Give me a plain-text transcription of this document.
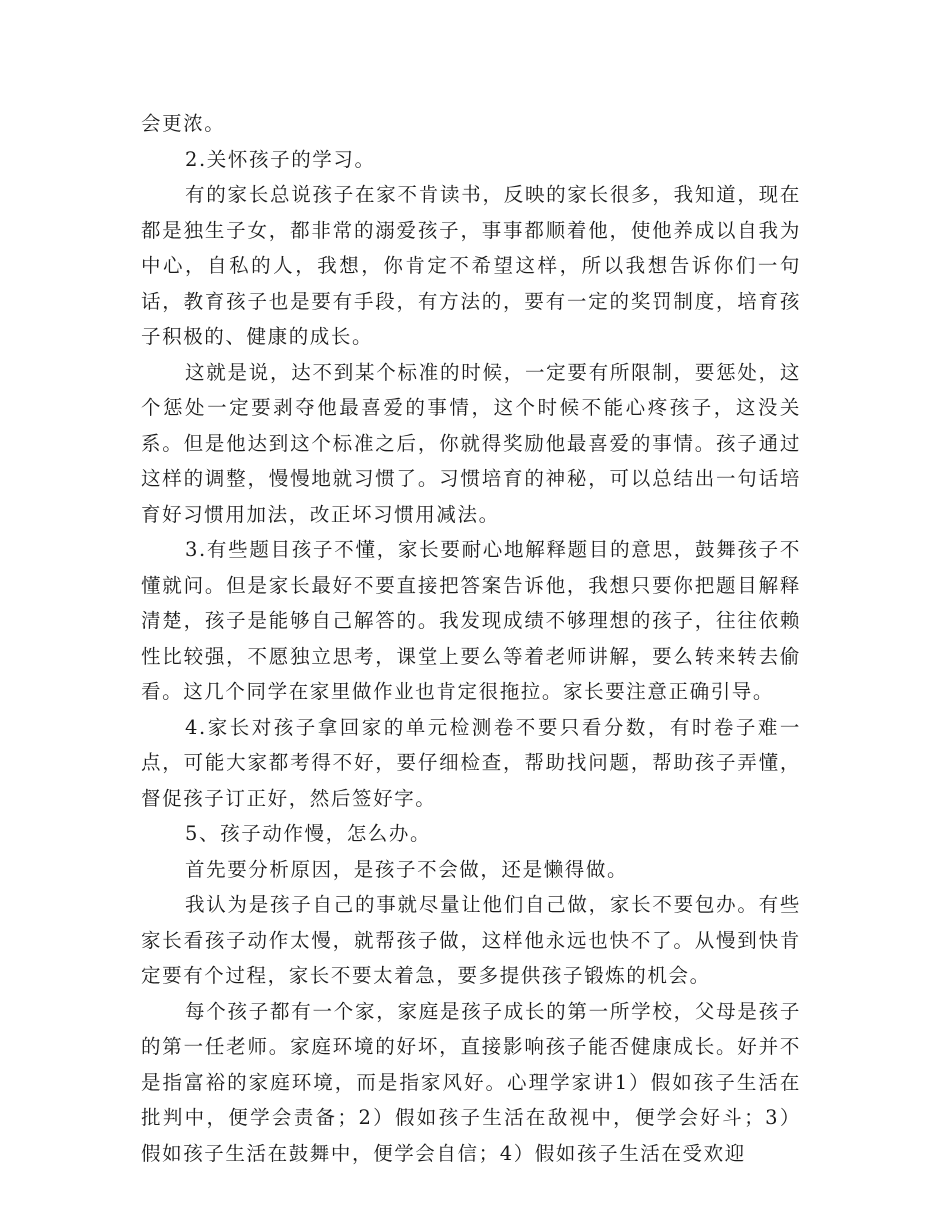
会更浓。

2.关怀孩子的学习。

有的家长总说孩子在家不肯读书，反映的家长很多，我知道，现在都是独生子女，都非常的溺爱孩子，事事都顺着他，使他养成以自我为中心，自私的人，我想，你肯定不希望这样，所以我想告诉你们一句话，教育孩子也是要有手段，有方法的，要有一定的奖罚制度，培育孩子积极的、健康的成长。

这就是说，达不到某个标准的时候，一定要有所限制，要惩处，这个惩处一定要剥夺他最喜爱的事情，这个时候不能心疼孩子，这没关系。但是他达到这个标准之后，你就得奖励他最喜爱的事情。孩子通过这样的调整，慢慢地就习惯了。习惯培育的神秘，可以总结出一句话培育好习惯用加法，改正坏习惯用减法。

3.有些题目孩子不懂，家长要耐心地解释题目的意思，鼓舞孩子不懂就问。但是家长最好不要直接把答案告诉他，我想只要你把题目解释清楚，孩子是能够自己解答的。我发现成绩不够理想的孩子，往往依赖性比较强，不愿独立思考，课堂上要么等着老师讲解，要么转来转去偷看。这几个同学在家里做作业也肯定很拖拉。家长要注意正确引导。

4.家长对孩子拿回家的单元检测卷不要只看分数，有时卷子难一点，可能大家都考得不好，要仔细检查，帮助找问题，帮助孩子弄懂，督促孩子订正好，然后签好字。

5、孩子动作慢，怎么办。

首先要分析原因，是孩子不会做，还是懒得做。

我认为是孩子自己的事就尽量让他们自己做，家长不要包办。有些家长看孩子动作太慢，就帮孩子做，这样他永远也快不了。从慢到快肯定要有个过程，家长不要太着急，要多提供孩子锻炼的机会。

每个孩子都有一个家，家庭是孩子成长的第一所学校，父母是孩子的第一任老师。家庭环境的好坏，直接影响孩子能否健康成长。好并不是指富裕的家庭环境，而是指家风好。心理学家讲1）假如孩子生活在批判中，便学会责备；2）假如孩子生活在敌视中，便学会好斗；3）假如孩子生活在鼓舞中，便学会自信；4）假如孩子生活在受欢迎
